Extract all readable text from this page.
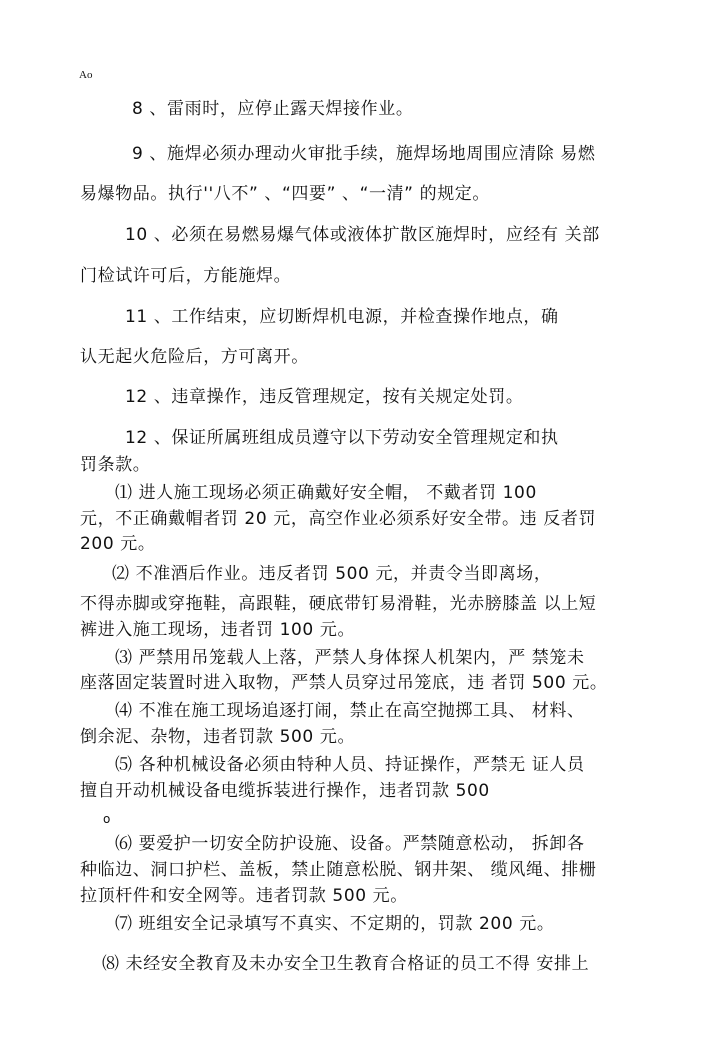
Ao
8 、雷雨时，应停止露天焊接作业。
9 、施焊必须办理动火审批手续，施焊场地周围应清除 易燃
易爆物品。执行''八不” 、“四要” 、“一清” 的规定。
10 、必须在易燃易爆气体或液体扩散区施焊时，应经有 关部
门检试许可后，方能施焊。
11 、工作结束，应切断焊机电源，并检查操作地点，确
认无起火危险后，方可离开。
12 、违章操作，违反管理规定，按有关规定处罚。
12 、保证所属班组成员遵守以下劳动安全管理规定和执
罚条款。
⑴ 进人施工现场必须正确戴好安全帽， 不戴者罚 100
元，不正确戴帽者罚 20 元，高空作业必须系好安全带。违 反者罚
200 元。
⑵ 不准酒后作业。违反者罚 500 元，并责令当即离场，
不得赤脚或穿拖鞋，高跟鞋，硬底带钉易滑鞋，光赤膀膝盖 以上短
裤进入施工现场，违者罚 100 元。
⑶ 严禁用吊笼载人上落，严禁人身体探人机架内，严 禁笼未
座落固定装置时进入取物，严禁人员穿过吊笼底，违 者罚 500 元。
⑷ 不准在施工现场追逐打闹，禁止在高空抛掷工具、 材料、
倒余泥、杂物，违者罚款 500 元。
⑸ 各种机械设备必须由特种人员、持证操作，严禁无 证人员
擅自开动机械设备电缆拆装进行操作，违者罚款 500
o
⑹ 要爱护一切安全防护设施、设备。严禁随意松动， 拆卸各
种临边、洞口护栏、盖板，禁止随意松脱、钢井架、 缆风绳、排栅
拉顶杆件和安全网等。违者罚款 500 元。
⑺ 班组安全记录填写不真实、不定期的，罚款 200 元。
⑻ 未经安全教育及未办安全卫生教育合格证的员工不得 安排上
